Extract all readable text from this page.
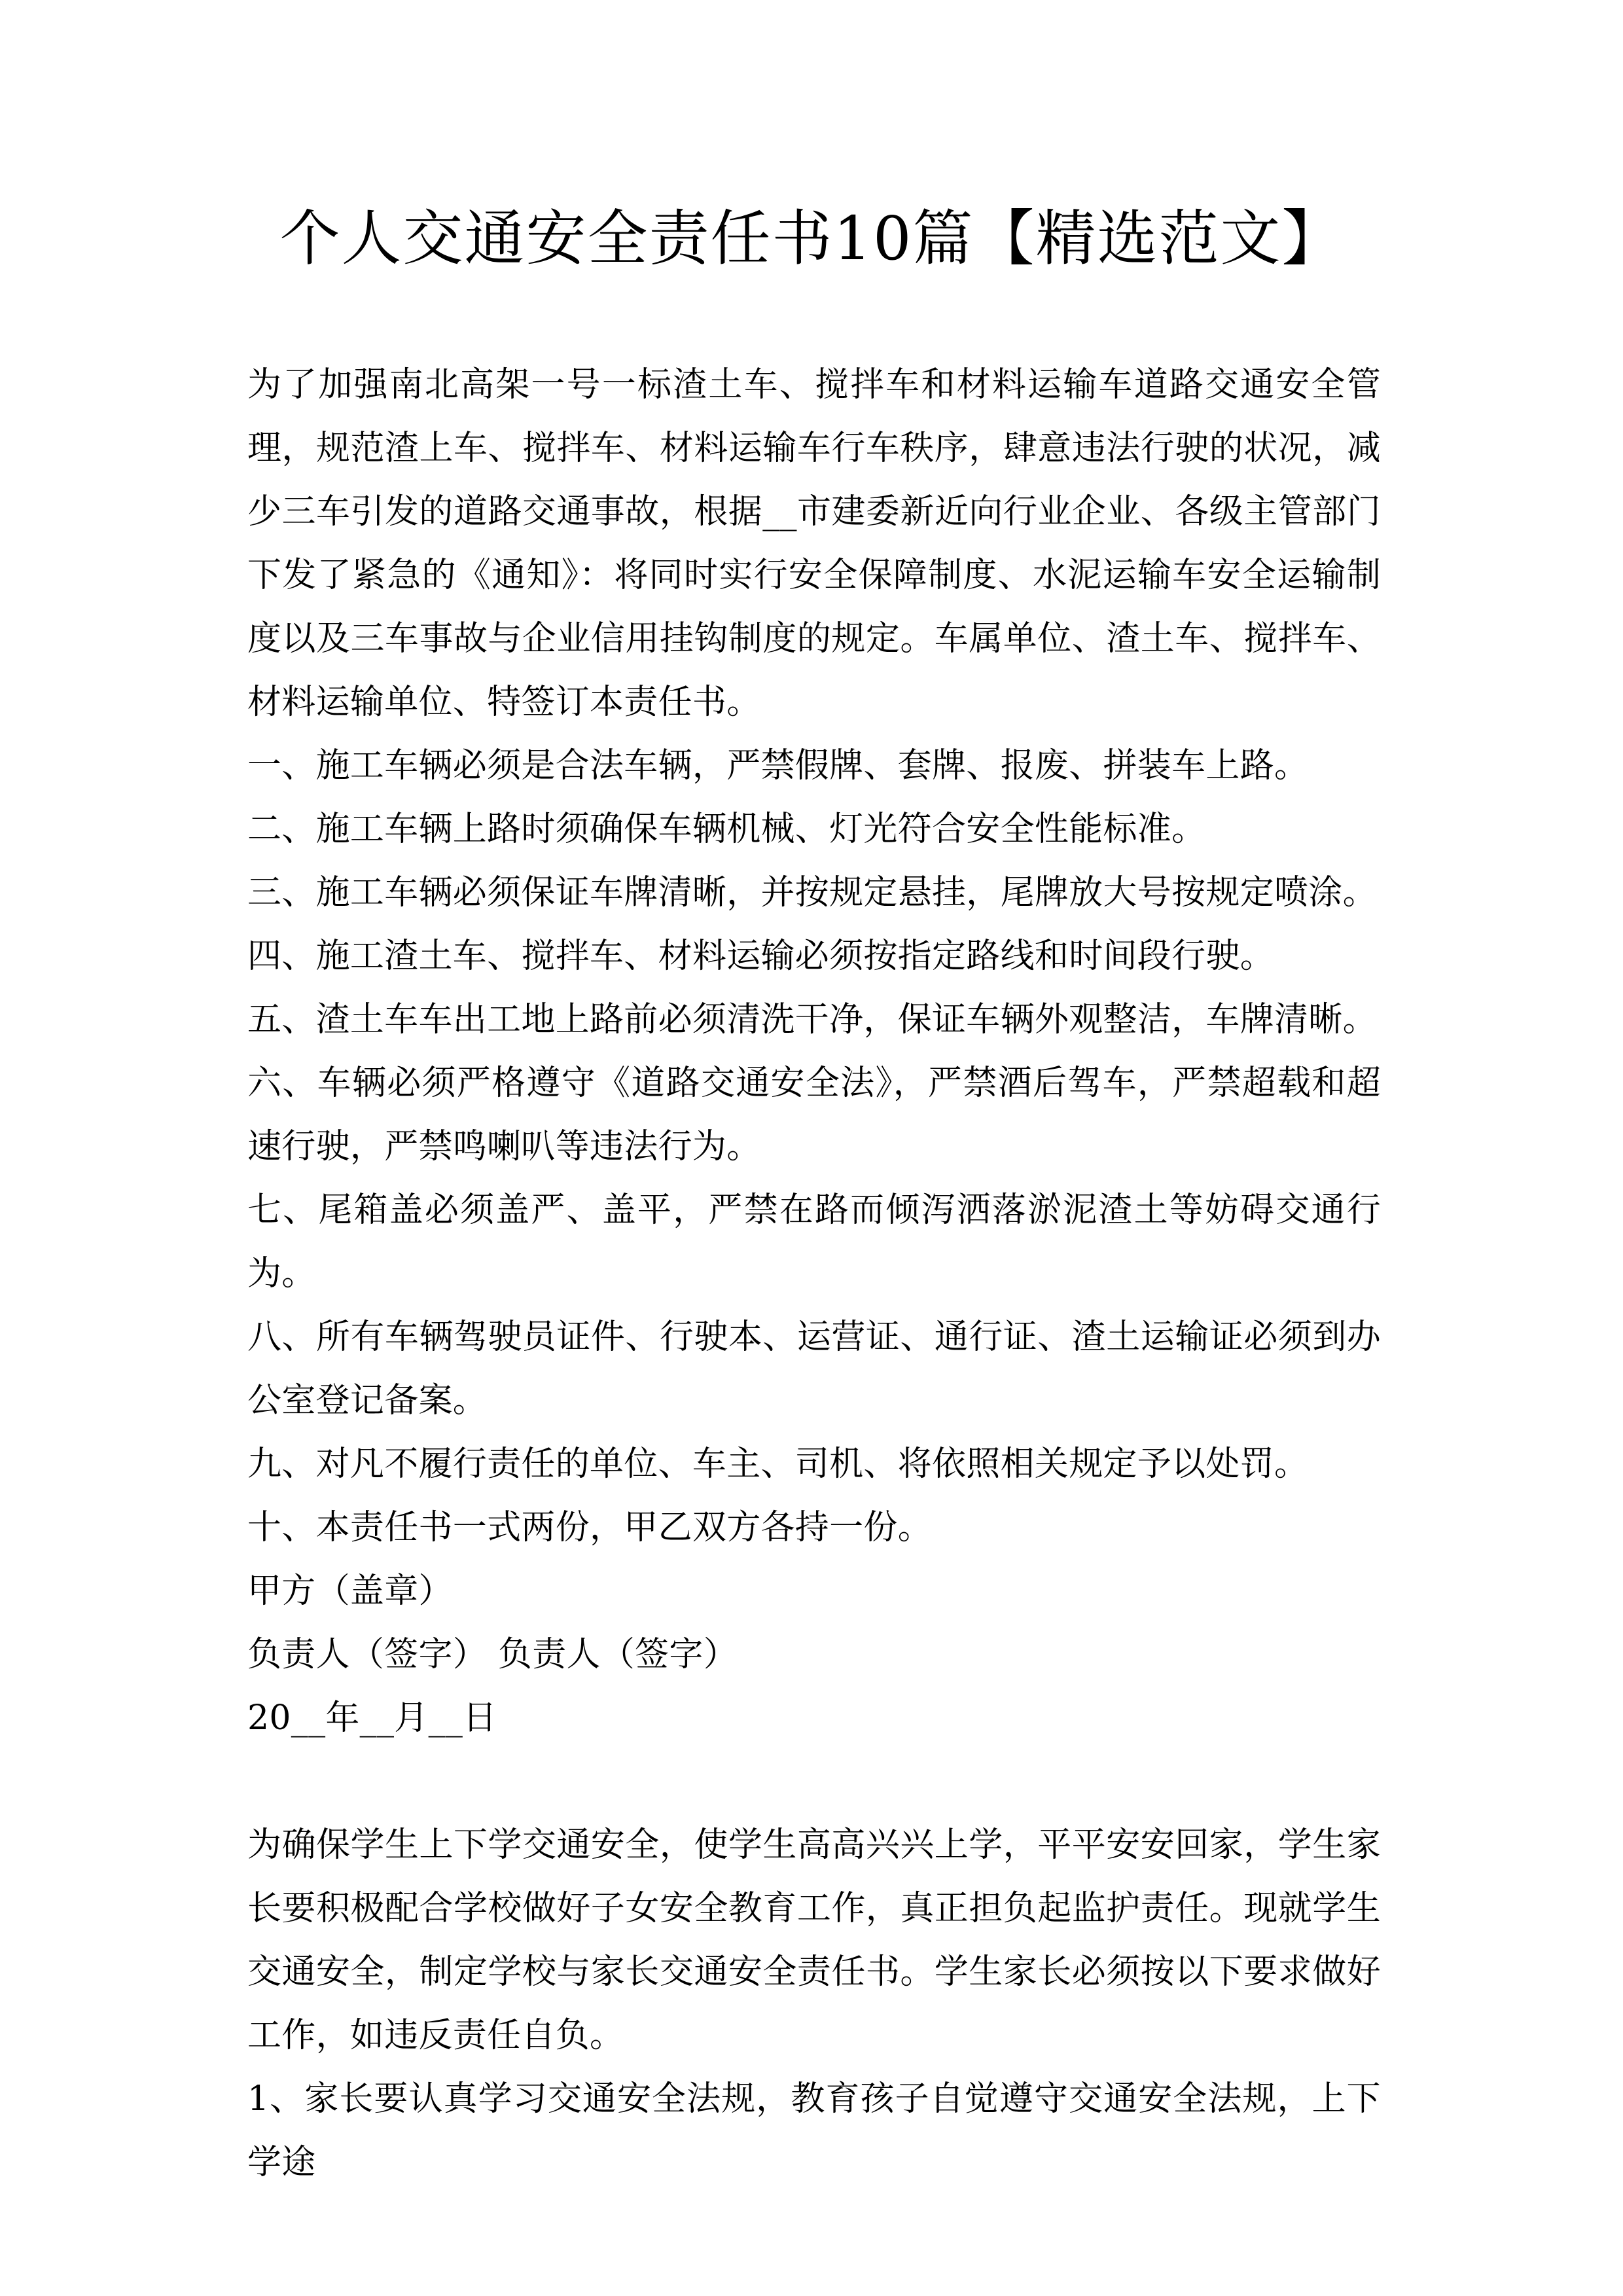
个人交通安全责任书10篇【精选范文】

为了加强南北高架一号一标渣土车、搅拌车和材料运输车道路交通安全管理，规范渣上车、搅拌车、材料运输车行车秩序，肆意违法行驶的状况，减少三车引发的道路交通事故，根据__市建委新近向行业企业、各级主管部门下发了紧急的《通知》：将同时实行安全保障制度、水泥运输车安全运输制度以及三车事故与企业信用挂钩制度的规定。车属单位、渣土车、搅拌车、材料运输单位、特签订本责任书。

一、施工车辆必须是合法车辆，严禁假牌、套牌、报废、拼装车上路。

二、施工车辆上路时须确保车辆机械、灯光符合安全性能标准。

三、施工车辆必须保证车牌清晰，并按规定悬挂，尾牌放大号按规定喷涂。

四、施工渣土车、搅拌车、材料运输必须按指定路线和时间段行驶。

五、渣土车车出工地上路前必须清洗干净，保证车辆外观整洁，车牌清晰。

六、车辆必须严格遵守《道路交通安全法》，严禁酒后驾车，严禁超载和超速行驶，严禁鸣喇叭等违法行为。

七、尾箱盖必须盖严、盖平，严禁在路而倾泻洒落淤泥渣土等妨碍交通行为。

八、所有车辆驾驶员证件、行驶本、运营证、通行证、渣土运输证必须到办公室登记备案。

九、对凡不履行责任的单位、车主、司机、将依照相关规定予以处罚。

十、本责任书一式两份，甲乙双方各持一份。

甲方（盖章）

负责人（签字） 负责人（签字）

20__年__月__日

为确保学生上下学交通安全，使学生高高兴兴上学，平平安安回家，学生家长要积极配合学校做好子女安全教育工作，真正担负起监护责任。现就学生交通安全，制定学校与家长交通安全责任书。学生家长必须按以下要求做好工作，如违反责任自负。

1、家长要认真学习交通安全法规，教育孩子自觉遵守交通安全法规，上下学途
